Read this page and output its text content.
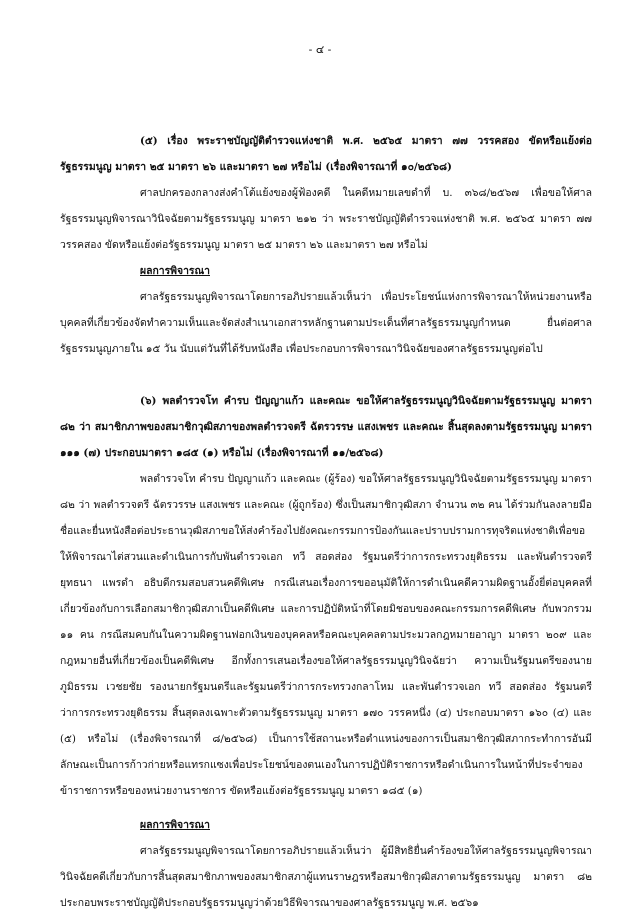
- ๔ -

(๕) เรื่อง พระราชบัญญัติตำรวจแห่งชาติ พ.ศ. ๒๕๖๕ มาตรา ๗๗ วรรคสอง ขัดหรือแย้งต่อรัฐธรรมนูญ มาตรา ๒๕ มาตรา ๒๖ และมาตรา ๒๗ หรือไม่ (เรื่องพิจารณาที่ ๑๐/๒๕๖๘)

ศาลปกครองกลางส่งคำโต้แย้งของผู้ฟ้องคดี ในคดีหมายเลขดำที่ บ. ๓๖๘/๒๕๖๗ เพื่อขอให้ศาลรัฐธรรมนูญพิจารณาวินิจฉัยตามรัฐธรรมนูญ มาตรา ๒๑๒ ว่า พระราชบัญญัติตำรวจแห่งชาติ พ.ศ. ๒๕๖๕ มาตรา ๗๗ วรรคสอง ขัดหรือแย้งต่อรัฐธรรมนูญ มาตรา ๒๕ มาตรา ๒๖ และมาตรา ๒๗ หรือไม่

ผลการพิจารณา

ศาลรัฐธรรมนูญพิจารณาโดยการอภิปรายแล้วเห็นว่า เพื่อประโยชน์แห่งการพิจารณาให้หน่วยงานหรือบุคคลที่เกี่ยวข้องจัดทำความเห็นและจัดส่งสำเนาเอกสารหลักฐานตามประเด็นที่ศาลรัฐธรรมนูญกำหนด ยื่นต่อศาลรัฐธรรมนูญภายใน ๑๕ วัน นับแต่วันที่ได้รับหนังสือ เพื่อประกอบการพิจารณาวินิจฉัยของศาลรัฐธรรมนูญต่อไป

(๖) พลตำรวจโท คำรบ ปัญญาแก้ว และคณะ ขอให้ศาลรัฐธรรมนูญวินิจฉัยตามรัฐธรรมนูญ มาตรา ๘๒ ว่า สมาชิกภาพของสมาชิกวุฒิสภาของพลตำรวจตรี ฉัตรวรรษ แสงเพชร และคณะ สิ้นสุดลงตามรัฐธรรมนูญ มาตรา ๑๑๑ (๗) ประกอบมาตรา ๑๘๕ (๑) หรือไม่ (เรื่องพิจารณาที่ ๑๑/๒๕๖๘)

พลตำรวจโท คำรบ ปัญญาแก้ว และคณะ (ผู้ร้อง) ขอให้ศาลรัฐธรรมนูญวินิจฉัยตามรัฐธรรมนูญ มาตรา ๘๒ ว่า พลตำรวจตรี ฉัตรวรรษ แสงเพชร และคณะ (ผู้ถูกร้อง) ซึ่งเป็นสมาชิกวุฒิสภา จำนวน ๓๒ คน ได้ร่วมกันลงลายมือชื่อและยื่นหนังสือต่อประธานวุฒิสภาขอให้ส่งคำร้องไปยังคณะกรรมการป้องกันและปราบปรามการทุจริตแห่งชาติเพื่อขอให้พิจารณาไต่สวนและดำเนินการกับพันตำรวจเอก ทวี สอดส่อง รัฐมนตรีว่าการกระทรวงยุติธรรม และพันตำรวจตรี ยุทธนา แพรดำ อธิบดีกรมสอบสวนคดีพิเศษ กรณีเสนอเรื่องการขออนุมัติให้การดำเนินคดีความผิดฐานอั้งยี่ต่อบุคคลที่เกี่ยวข้องกับการเลือกสมาชิกวุฒิสภาเป็นคดีพิเศษ และการปฏิบัติหน้าที่โดยมิชอบของคณะกรรมการคดีพิเศษ กับพวกรวม ๑๑ คน กรณีสมคบกันในความผิดฐานฟอกเงินของบุคคลหรือคณะบุคคลตามประมวลกฎหมายอาญา มาตรา ๒๐๙ และกฎหมายอื่นที่เกี่ยวข้องเป็นคดีพิเศษ อีกทั้งการเสนอเรื่องขอให้ศาลรัฐธรรมนูญวินิจฉัยว่า ความเป็นรัฐมนตรีของนายภูมิธรรม เวชยชัย รองนายกรัฐมนตรีและรัฐมนตรีว่าการกระทรวงกลาโหม และพันตำรวจเอก ทวี สอดส่อง รัฐมนตรีว่าการกระทรวงยุติธรรม สิ้นสุดลงเฉพาะตัวตามรัฐธรรมนูญ มาตรา ๑๗๐ วรรคหนึ่ง (๔) ประกอบมาตรา ๑๖๐ (๔) และ (๕) หรือไม่ (เรื่องพิจารณาที่ ๘/๒๕๖๘) เป็นการใช้สถานะหรือตำแหน่งของการเป็นสมาชิกวุฒิสภากระทำการอันมีลักษณะเป็นการก้าวก่ายหรือแทรกแซงเพื่อประโยชน์ของตนเองในการปฏิบัติราชการหรือดำเนินการในหน้าที่ประจำของข้าราชการหรือของหน่วยงานราชการ ขัดหรือแย้งต่อรัฐธรรมนูญ มาตรา ๑๘๕ (๑)

ผลการพิจารณา

ศาลรัฐธรรมนูญพิจารณาโดยการอภิปรายแล้วเห็นว่า ผู้มีสิทธิยื่นคำร้องขอให้ศาลรัฐธรรมนูญพิจารณาวินิจฉัยคดีเกี่ยวกับการสิ้นสุดสมาชิกภาพของสมาชิกสภาผู้แทนราษฎรหรือสมาชิกวุฒิสภาตามรัฐธรรมนูญ มาตรา ๘๒ ประกอบพระราชบัญญัติประกอบรัฐธรรมนูญว่าด้วยวิธีพิจารณาของศาลรัฐธรรมนูญ พ.ศ. ๒๕๖๑
